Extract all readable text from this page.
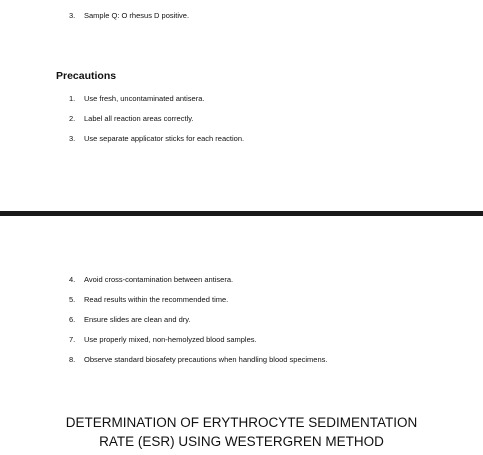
3. Sample Q: O rhesus D positive.
Precautions
1. Use fresh, uncontaminated antisera.
2. Label all reaction areas correctly.
3. Use separate applicator sticks for each reaction.
4. Avoid cross-contamination between antisera.
5. Read results within the recommended time.
6. Ensure slides are clean and dry.
7. Use properly mixed, non-hemolyzed blood samples.
8. Observe standard biosafety precautions when handling blood specimens.
DETERMINATION OF ERYTHROCYTE SEDIMENTATION
RATE (ESR) USING WESTERGREN METHOD
